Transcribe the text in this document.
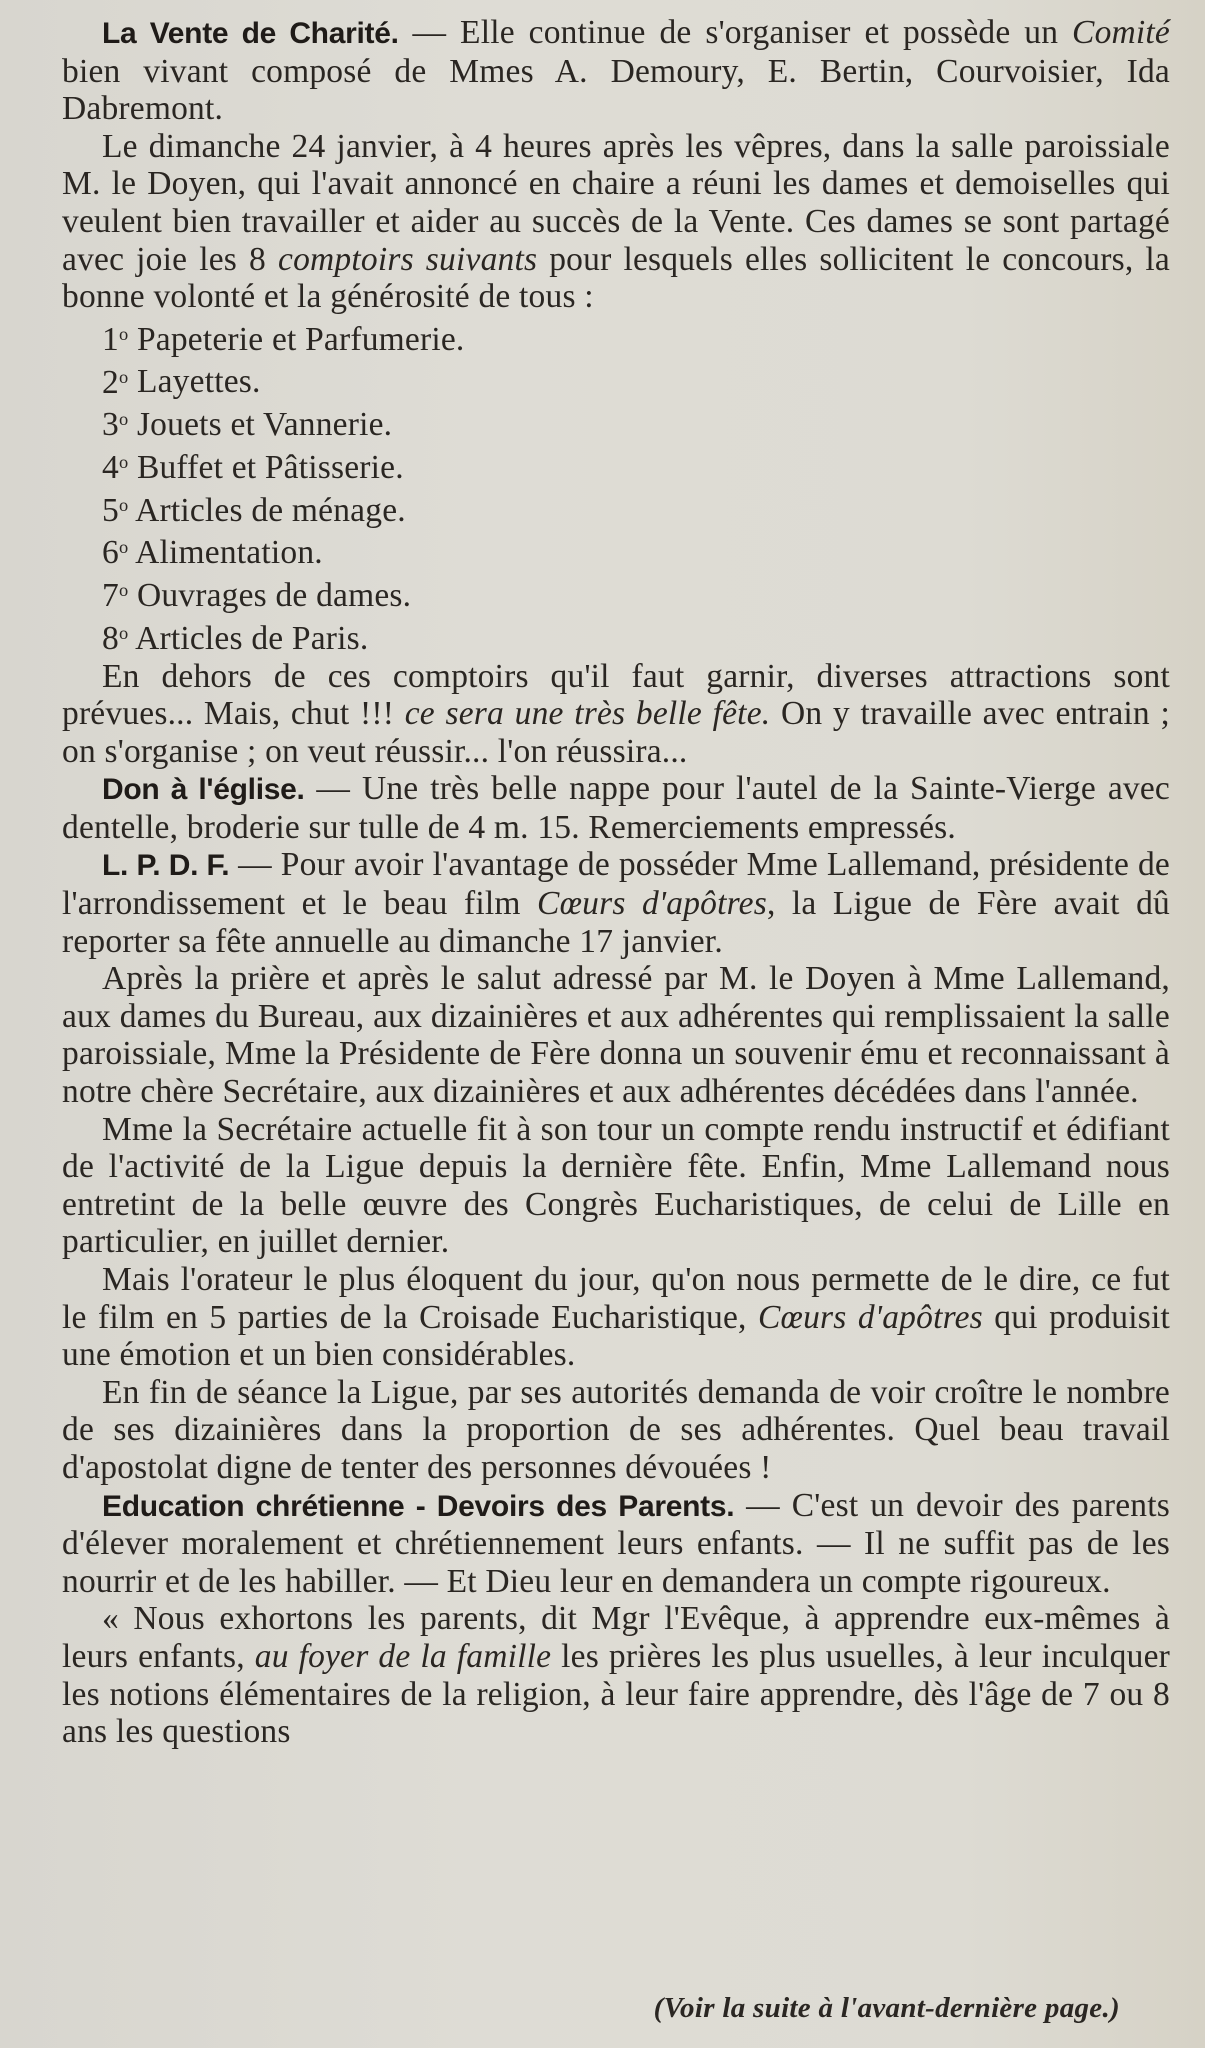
La Vente de Charité. — Elle continue de s'organiser et possède un Comité bien vivant composé de Mmes A. Demoury, E. Bertin, Courvoisier, Ida Dabremont.

Le dimanche 24 janvier, à 4 heures après les vêpres, dans la salle paroissiale M. le Doyen, qui l'avait annoncé en chaire a réuni les dames et demoiselles qui veulent bien travailler et aider au succès de la Vente. Ces dames se sont partagé avec joie les 8 comptoirs suivants pour lesquels elles sollicitent le concours, la bonne volonté et la générosité de tous :

1$^o$ Papeterie et Parfumerie.
2$^o$ Layettes.
3$^o$ Jouets et Vannerie.
4$^o$ Buffet et Pâtisserie.
5$^o$ Articles de ménage.
6$^o$ Alimentation.
7$^o$ Ouvrages de dames.
8$^o$ Articles de Paris.

En dehors de ces comptoirs qu'il faut garnir, diverses attractions sont prévues... Mais, chut !!! ce sera une très belle fête. On y travaille avec entrain ; on s'organise ; on veut réussir... l'on réussira...

Don à l'église. — Une très belle nappe pour l'autel de la Sainte-Vierge avec dentelle, broderie sur tulle de 4 m. 15. Remerciements empressés.

L. P. D. F. — Pour avoir l'avantage de posséder Mme Lallemand, présidente de l'arrondissement et le beau film Cœurs d'apôtres, la Ligue de Fère avait dû reporter sa fête annuelle au dimanche 17 janvier.

Après la prière et après le salut adressé par M. le Doyen à Mme Lallemand, aux dames du Bureau, aux dizainières et aux adhérentes qui remplissaient la salle paroissiale, Mme la Présidente de Fère donna un souvenir ému et reconnaissant à notre chère Secrétaire, aux dizainières et aux adhérentes décédées dans l'année.

Mme la Secrétaire actuelle fit à son tour un compte rendu instructif et édifiant de l'activité de la Ligue depuis la dernière fête. Enfin, Mme Lallemand nous entretint de la belle œuvre des Congrès Eucharistiques, de celui de Lille en particulier, en juillet dernier.

Mais l'orateur le plus éloquent du jour, qu'on nous permette de le dire, ce fut le film en 5 parties de la Croisade Eucharistique, Cœurs d'apôtres qui produisit une émotion et un bien considérables.

En fin de séance la Ligue, par ses autorités demanda de voir croître le nombre de ses dizainières dans la proportion de ses adhérentes. Quel beau travail d'apostolat digne de tenter des personnes dévouées !

Education chrétienne - Devoirs des Parents. — C'est un devoir des parents d'élever moralement et chrétiennement leurs enfants. — Il ne suffit pas de les nourrir et de les habiller. — Et Dieu leur en demandera un compte rigoureux.

« Nous exhortons les parents, dit Mgr l'Evêque, à apprendre eux-mêmes à leurs enfants, au foyer de la famille les prières les plus usuelles, à leur inculquer les notions élémentaires de la religion, à leur faire apprendre, dès l'âge de 7 ou 8 ans les questions

(Voir la suite à l'avant-dernière page.)
